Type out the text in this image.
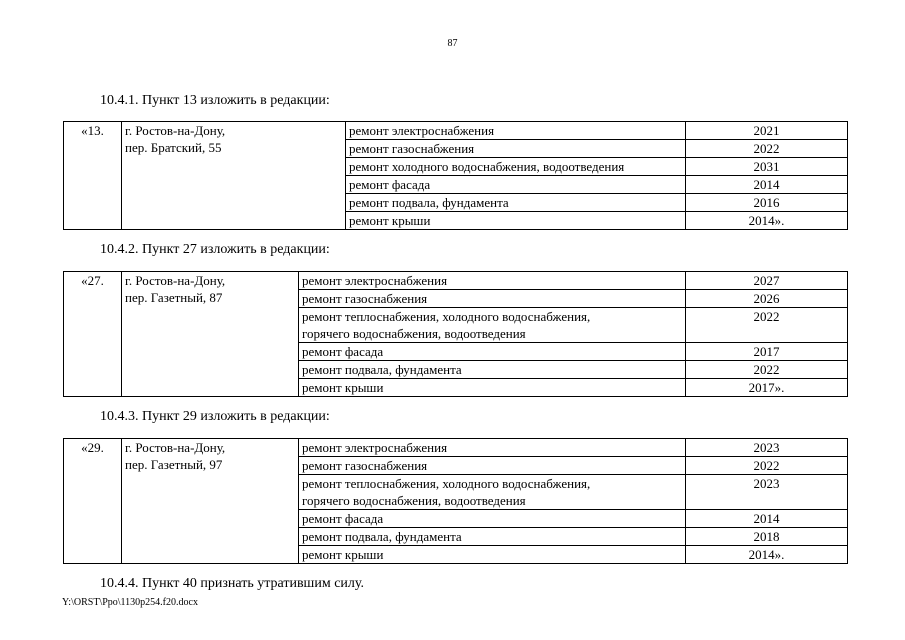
87
10.4.1. Пункт 13 изложить в редакции:
«13.	г. Ростов-на-Дону,
пер. Братский, 55	ремонт электроснабжения	2021
		ремонт газоснабжения	2022
		ремонт холодного водоснабжения, водоотведения	2031
		ремонт фасада	2014
		ремонт подвала, фундамента	2016
		ремонт крыши	2014».
10.4.2. Пункт 27 изложить в редакции:
«27.	г. Ростов-на-Дону,
пер. Газетный, 87	ремонт электроснабжения	2027
		ремонт газоснабжения	2026
		ремонт теплоснабжения, холодного водоснабжения,
горячего водоснабжения, водоотведения	2022
		ремонт фасада	2017
		ремонт подвала, фундамента	2022
		ремонт крыши	2017».
10.4.3. Пункт 29 изложить в редакции:
«29.	г. Ростов-на-Дону,
пер. Газетный, 97	ремонт электроснабжения	2023
		ремонт газоснабжения	2022
		ремонт теплоснабжения, холодного водоснабжения,
горячего водоснабжения, водоотведения	2023
		ремонт фасада	2014
		ремонт подвала, фундамента	2018
		ремонт крыши	2014».
10.4.4. Пункт 40 признать утратившим силу.
Y:\ORST\Ppo\1130p254.f20.docx
